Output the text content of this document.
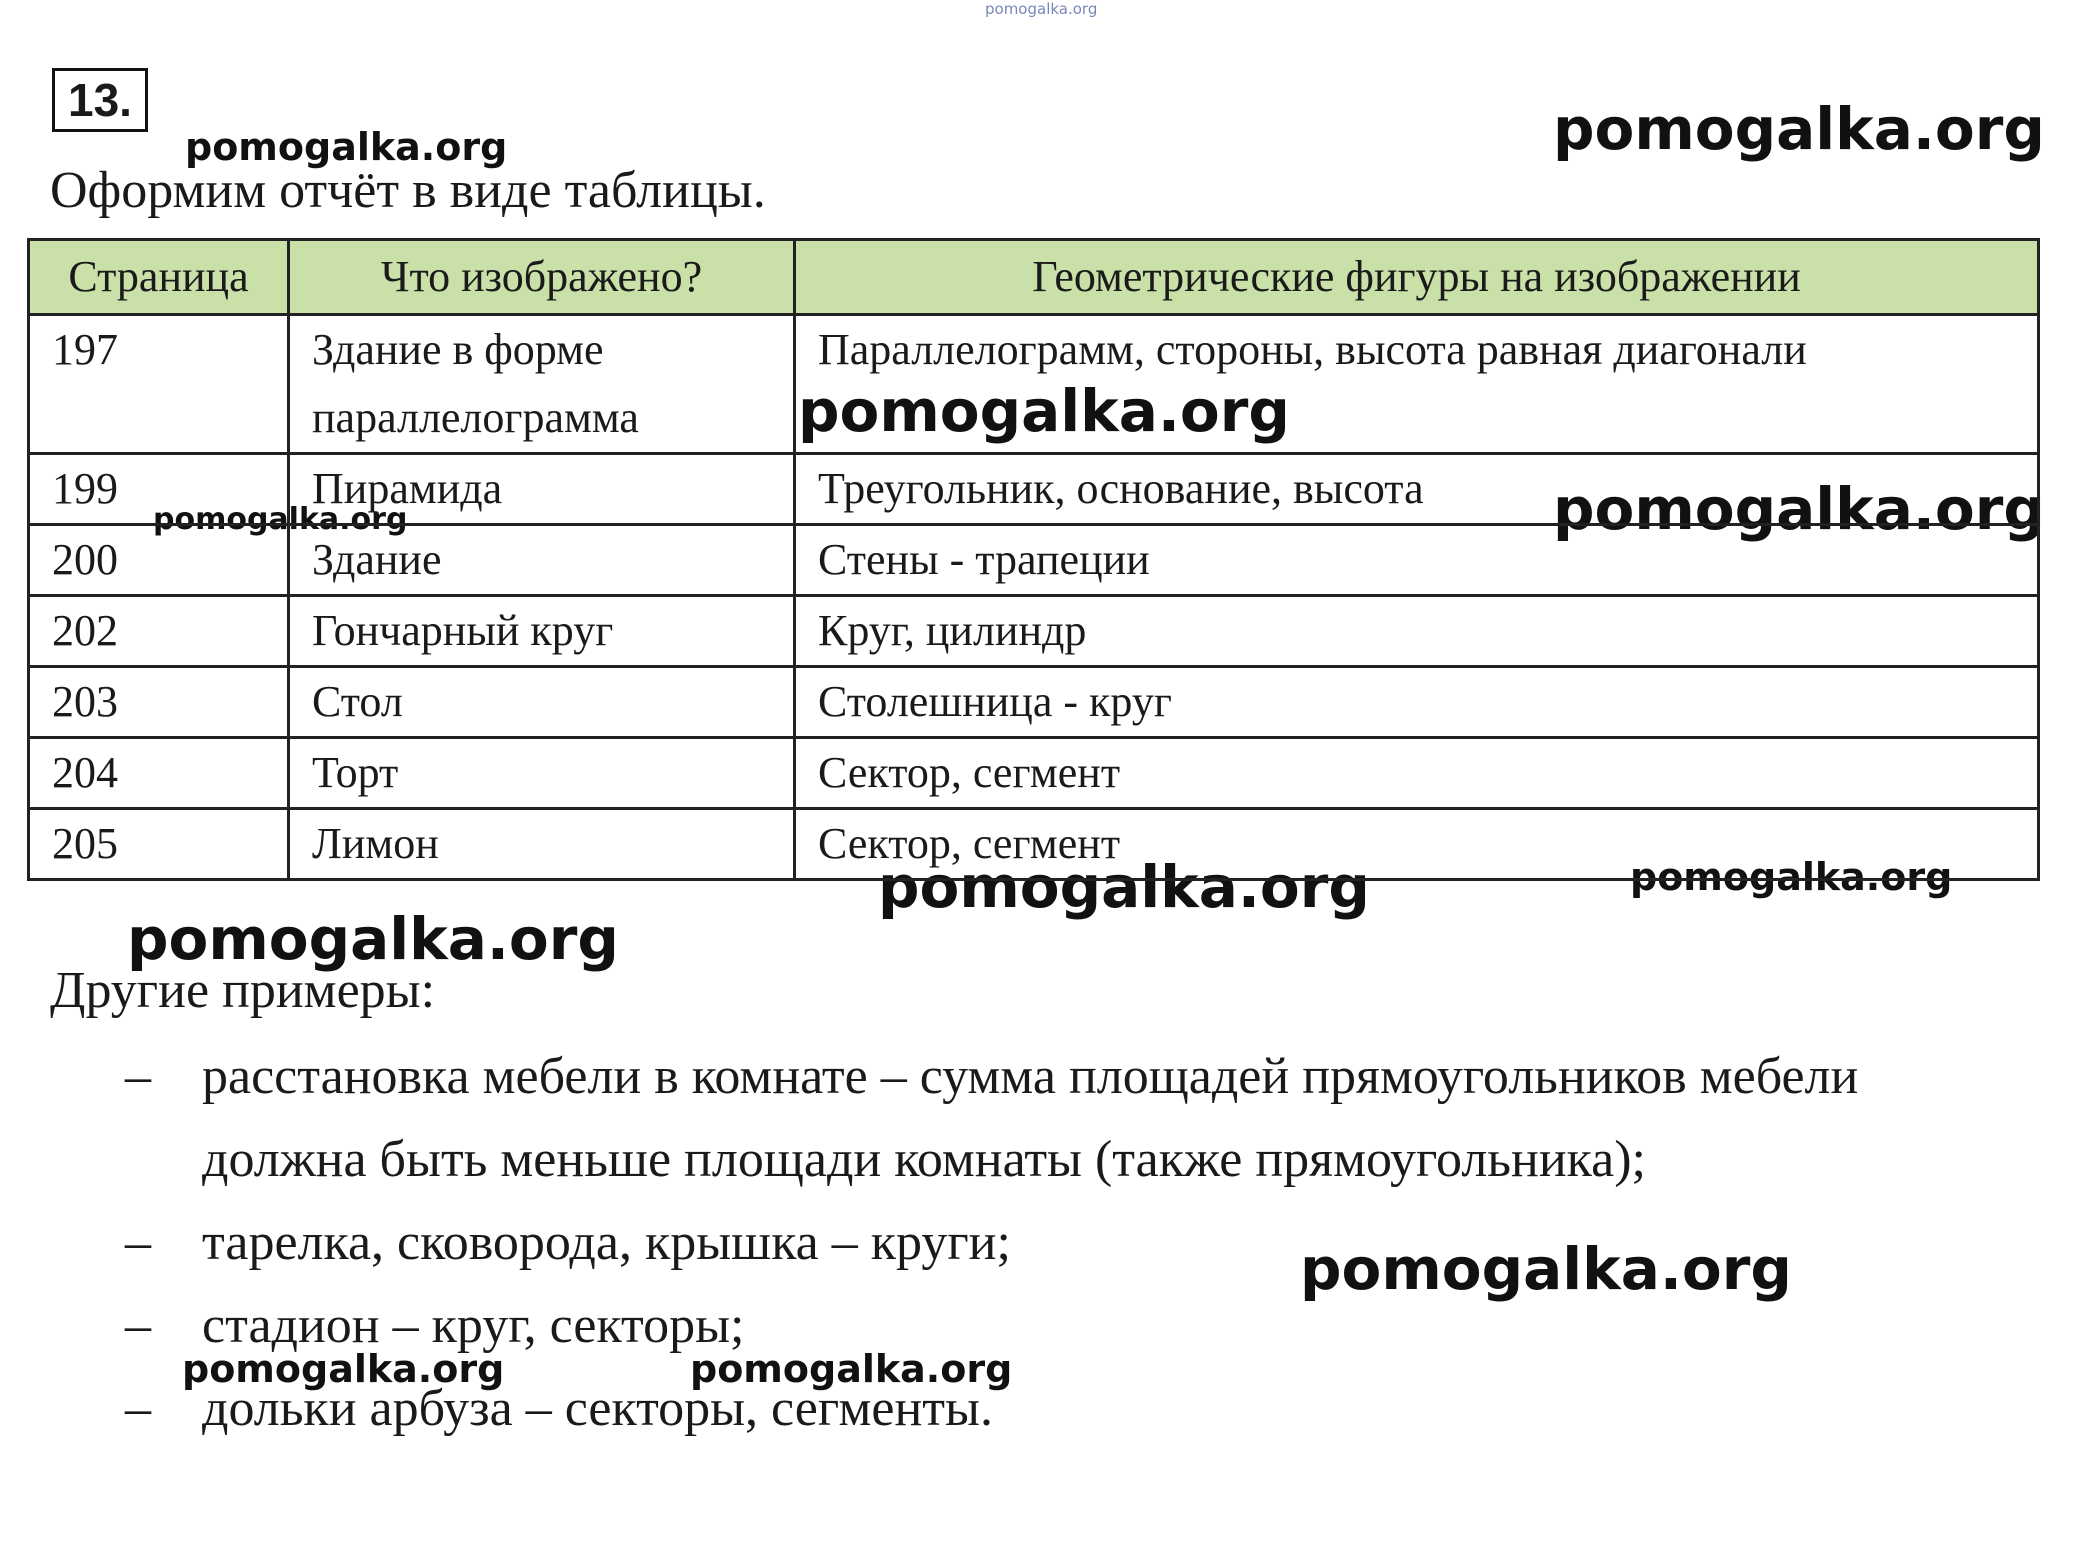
pomogalka.org
pomogalka.org	pomogalka.org
pomogalka.org
pomogalka.org
pomogalka.org
pomogalka.org	pomogalka.org
pomogalka.org
pomogalka.org
pomogalka.org	pomogalka.org
13.
Оформим отчёт в виде таблицы.
Страница	Что изображено?	Геометрические фигуры на изображении
197	Здание в форме параллелограмма	Параллелограмм, стороны, высота равная диагонали
199	Пирамида	Треугольник, основание, высота
200	Здание	Стены - трапеции
202	Гончарный круг	Круг, цилиндр
203	Стол	Столешница - круг
204	Торт	Сектор, сегмент
205	Лимон	Сектор, сегмент
Другие примеры:
– расстановка мебели в комнате – сумма площадей прямоугольников мебели должна быть меньше площади комнаты (также прямоугольника);
– тарелка, сковорода, крышка – круги;
– стадион – круг, секторы;
– дольки арбуза – секторы, сегменты.
